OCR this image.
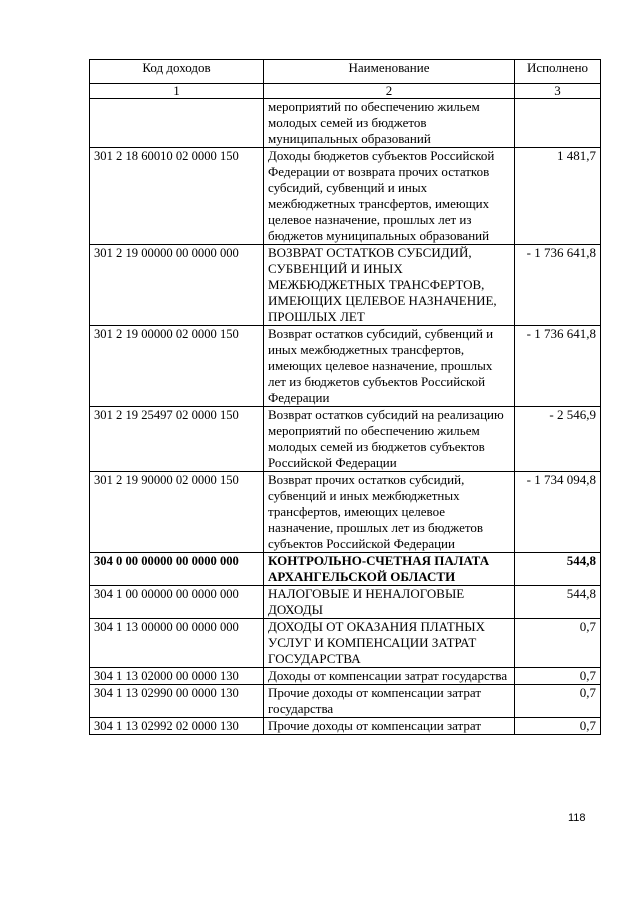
Код доходов	Наименование	Исполнено
1	2	3
	мероприятий по обеспечению жильем молодых семей из бюджетов муниципальных образований	
301 2 18 60010 02 0000 150	Доходы бюджетов субъектов Российской Федерации от возврата прочих остатков субсидий, субвенций и иных межбюджетных трансфертов, имеющих целевое назначение, прошлых лет из бюджетов муниципальных образований	1 481,7
301 2 19 00000 00 0000 000	ВОЗВРАТ ОСТАТКОВ СУБСИДИЙ, СУБВЕНЦИЙ И ИНЫХ МЕЖБЮДЖЕТНЫХ ТРАНСФЕРТОВ, ИМЕЮЩИХ ЦЕЛЕВОЕ НАЗНАЧЕНИЕ, ПРОШЛЫХ ЛЕТ	- 1 736 641,8
301 2 19 00000 02 0000 150	Возврат остатков субсидий, субвенций и иных межбюджетных трансфертов, имеющих целевое назначение, прошлых лет из бюджетов субъектов Российской Федерации	- 1 736 641,8
301 2 19 25497 02 0000 150	Возврат остатков субсидий на реализацию мероприятий по обеспечению жильем молодых семей из бюджетов субъектов Российской Федерации	- 2 546,9
301 2 19 90000 02 0000 150	Возврат прочих остатков субсидий, субвенций и иных межбюджетных трансфертов, имеющих целевое назначение, прошлых лет из бюджетов субъектов Российской Федерации	- 1 734 094,8
304 0 00 00000 00 0000 000	КОНТРОЛЬНО-СЧЕТНАЯ ПАЛАТА АРХАНГЕЛЬСКОЙ ОБЛАСТИ	544,8
304 1 00 00000 00 0000 000	НАЛОГОВЫЕ И НЕНАЛОГОВЫЕ ДОХОДЫ	544,8
304 1 13 00000 00 0000 000	ДОХОДЫ ОТ ОКАЗАНИЯ ПЛАТНЫХ УСЛУГ И КОМПЕНСАЦИИ ЗАТРАТ ГОСУДАРСТВА	0,7
304 1 13 02000 00 0000 130	Доходы от компенсации затрат государства	0,7
304 1 13 02990 00 0000 130	Прочие доходы от компенсации затрат государства	0,7
304 1 13 02992 02 0000 130	Прочие доходы от компенсации затрат	0,7
118
